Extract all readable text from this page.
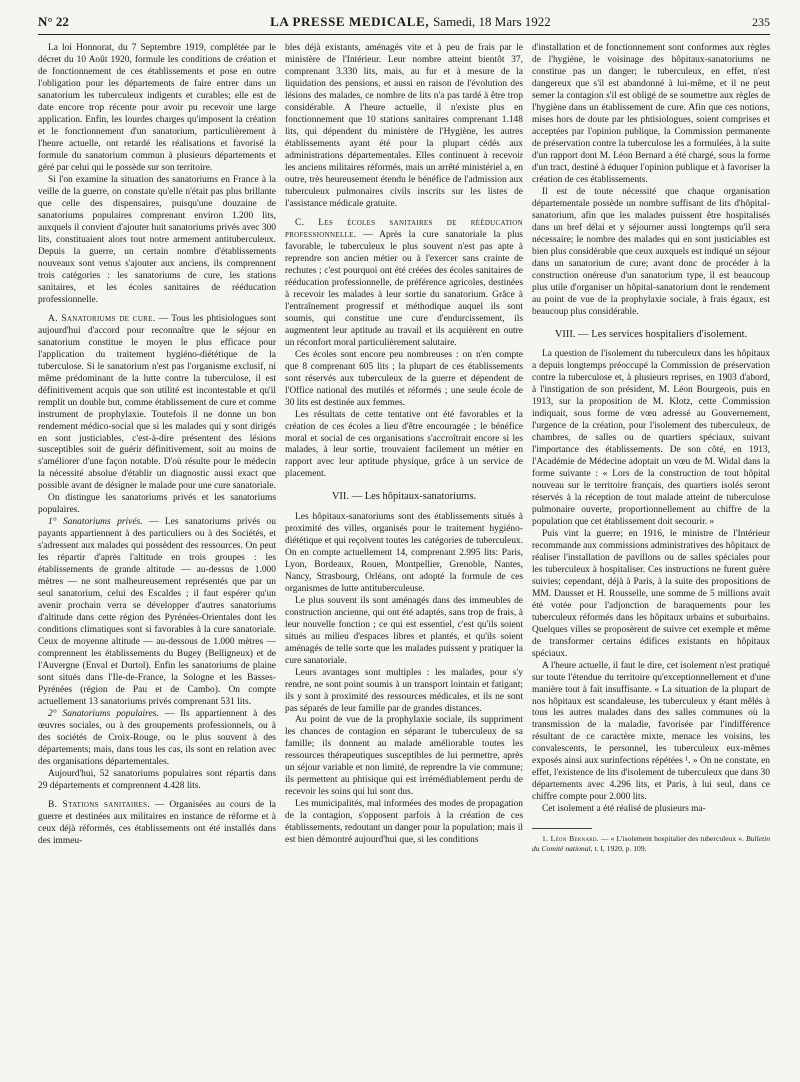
N° 22	LA PRESSE MEDICALE, Samedi, 18 Mars 1922	235

La loi Honnorat, du 7 Septembre 1919, complétée par le décret du 10 Août 1920, formule les conditions de création et de fonctionnement de ces établissements et pose en outre l'obligation pour les départements de faire entrer dans un sanatorium les tuberculeux indigents et curables; elle est de date encore trop récente pour avoir pu recevoir une large application. Enfin, les lourdes charges qu'imposent la création et le fonctionnement d'un sanatorium, particulièrement à l'heure actuelle, ont retardé les réalisations et favorisé la formule du sanatorium commun à plusieurs départements et géré par celui qui le possède sur son territoire.

Si l'on examine la situation des sanatoriums en France à la veille de la guerre, on constate qu'elle n'était pas plus brillante que celle des dispensaires, puisqu'une douzaine de sanatoriums populaires comprenant environ 1.200 lits, auxquels il convient d'ajouter huit sanatoriums privés avec 300 lits, constituaient alors tout notre armement antituberculeux. Depuis la guerre, un certain nombre d'établissements nouveaux sont venus s'ajouter aux anciens, ils comprennent trois catégories : les sanatoriums de cure, les stations sanitaires, et les écoles sanitaires de rééducation professionnelle.

A. Sanatoriums de cure. — Tous les phtisiologues sont aujourd'hui d'accord pour reconnaître que le séjour en sanatorium constitue le moyen le plus efficace pour l'application du traitement hygiéno-diététique de la tuberculose. Si le sanatorium n'est pas l'organisme exclusif, ni même prédominant de la lutte contre la tuberculose, il est définitivement acquis que son utilité est incontestable et qu'il remplit un double but, comme établissement de cure et comme instrument de prophylaxie. Toutefois il ne donne un bon rendement médico-social que si les malades qui y sont dirigés en sont justiciables, c'est-à-dire présentent des lésions susceptibles soit de guérir définitivement, soit au moins de s'améliorer d'une façon notable. D'où résulte pour le médecin la nécessité absolue d'établir un diagnostic aussi exact que possible avant de désigner le malade pour une cure sanatoriale.

On distingue les sanatoriums privés et les sanatoriums populaires.

1° Sanatoriums privés. — Les sanatoriums privés ou payants appartiennent à des particuliers ou à des Sociétés, et s'adressent aux malades qui possèdent des ressources. On peut les répartir d'après l'altitude en trois groupes : les établissements de grande altitude — au-dessus de 1.000 mètres — ne sont malheureusement représentés que par un seul sanatorium, celui des Escaldes ; il faut espérer qu'un avenir prochain verra se développer d'autres sanatoriums d'altitude dans cette région des Pyrénées-Orientales dont les conditions climatiques sont si favorables à la cure sanatoriale. Ceux de moyenne altitude — au-dessous de 1.000 mètres — comprennent les établissements du Bugey (Belligneux) et de l'Auvergne (Enval et Durtol). Enfin les sanatoriums de plaine sont situés dans l'Ile-de-France, la Sologne et les Basses-Pyrénées (région de Pau et de Cambo). On compte actuellement 13 sanatoriums privés comprenant 531 lits.

2° Sanatoriums populaires. — Ils appartiennent à des œuvres sociales, ou à des groupements professionnels, ou à des sociétés de Croix-Rouge, ou le plus souvent à des départements; mais, dans tous les cas, ils sont en relation avec des organisations départementales.

Aujourd'hui, 52 sanatoriums populaires sont répartis dans 29 départements et comprennent 4.428 lits.

B. Stations sanitaires. — Organisées au cours de la guerre et destinées aux militaires en instance de réforme et à ceux déjà réformés, ces établissements ont été installés dans des immeu-

bles déjà existants, aménagés vite et à peu de frais par le ministère de l'Intérieur. Leur nombre atteint bientôt 37, comprenant 3.330 lits, mais, au fur et à mesure de la liquidation des pensions, et aussi en raison de l'évolution des lésions des malades, ce nombre de lits n'a pas tardé à être trop considérable. A l'heure actuelle, il n'existe plus en fonctionnement que 10 stations sanitaires comprenant 1.148 lits, qui dépendent du ministère de l'Hygiène, les autres établissements ayant été pour la plupart cédés aux administrations départementales. Elles continuent à recevoir les anciens militaires réformés, mais un arrêté ministériel a, en outre, très heureusement étendu le bénéfice de l'admission aux tuberculeux pulmonaires civils inscrits sur les listes de l'assistance médicale gratuite.

C. Les écoles sanitaires de rééducation professionnelle. — Après la cure sanatoriale la plus favorable, le tuberculeux le plus souvent n'est pas apte à reprendre son ancien métier ou à l'exercer sans crainte de rechutes ; c'est pourquoi ont été créées des écoles sanitaires de rééducation professionnelle, de préférence agricoles, destinées à recevoir les malades à leur sortie du sanatorium. Grâce à l'entraînement progressif et méthodique auquel ils sont soumis, qui constitue une cure d'endurcissement, ils augmentent leur aptitude au travail et ils acquièrent en outre un réconfort moral particulièrement salutaire.

Ces écoles sont encore peu nombreuses : on n'en compte que 8 comprenant 605 lits ; la plupart de ces établissements sont réservés aux tuberculeux de la guerre et dépendent de l'Office national des mutilés et réformés ; une seule école de 30 lits est destinée aux femmes.

Les résultats de cette tentative ont été favorables et la création de ces écoles a lieu d'être encouragée ; le bénéfice moral et social de ces organisations s'accroîtrait encore si les malades, à leur sortie, trouvaient facilement un métier en rapport avec leur aptitude physique, grâce à un service de placement.

VII. — Les hôpitaux-sanatoriums.

Les hôpitaux-sanatoriums sont des établissements situés à proximité des villes, organisés pour le traitement hygiéno-diététique et qui reçoivent toutes les catégories de tuberculeux. On en compte actuellement 14, comprenant 2.995 lits: Paris, Lyon, Bordeaux, Rouen, Montpellier, Grenoble, Nantes, Nancy, Strasbourg, Orléans, ont adopté la formule de ces organismes de lutte antituberculeuse.

Le plus souvent ils sont aménagés dans des immeubles de construction ancienne, qui ont été adaptés, sans trop de frais, à leur nouvelle fonction ; ce qui est essentiel, c'est qu'ils soient situés au milieu d'espaces libres et plantés, et qu'ils soient aménagés de telle sorte que les malades puissent y pratiquer la cure sanatoriale.

Leurs avantages sont multiples : les malades, pour s'y rendre, ne sont point soumis à un transport lointain et fatigant; ils y sont à proximité des ressources médicales, et ils ne sont pas séparés de leur famille par de grandes distances.

Au point de vue de la prophylaxie sociale, ils suppriment les chances de contagion en séparant le tuberculeux de sa famille; ils donnent au malade améliorable toutes les ressources thérapeutiques susceptibles de lui permettre, après un séjour variable et non limité, de reprendre la vie commune; ils permettent au phtisique qui est irrémédiablement perdu de recevoir les soins qui lui sont dus.

Les municipalités, mal informées des modes de propagation de la contagion, s'opposent parfois à la création de ces établissements, redoutant un danger pour la population; mais il est bien démontré aujourd'hui que, si les conditions

d'installation et de fonctionnement sont conformes aux règles de l'hygiène, le voisinage des hôpitaux-sanatoriums ne constitue pas un danger; le tuberculeux, en effet, n'est dangereux que s'il est abandonné à lui-même, et il ne peut semer la contagion s'il est obligé de se soumettre aux règles de l'hygiène dans un établissement de cure. Afin que ces notions, mises hors de doute par les phtisiologues, soient comprises et acceptées par l'opinion publique, la Commission permanente de préservation contre la tuberculose les a formulées, à la suite d'un rapport dont M. Léon Bernard a été chargé, sous la forme d'un tract, destiné à éduquer l'opinion publique et à favoriser la création de ces établissements.

Il est de toute nécessité que chaque organisation départementale possède un nombre suffisant de lits d'hôpital-sanatorium, afin que les malades puissent être hospitalisés dans un bref délai et y séjourner aussi longtemps qu'il sera nécessaire; le nombre des malades qui en sont justiciables est bien plus considérable que ceux auxquels est indiqué un séjour dans un sanatorium de cure; avant donc de procéder à la construction onéreuse d'un sanatorium type, il est beaucoup plus utile d'organiser un hôpital-sanatorium dont le rendement au point de vue de la prophylaxie sociale, à frais égaux, est beaucoup plus considérable.

VIII. — Les services hospitaliers d'isolement.

La question de l'isolement du tuberculeux dans les hôpitaux a depuis longtemps préoccupé la Commission de préservation contre la tuberculose et, à plusieurs reprises, en 1903 d'abord, à l'instigation de son président, M. Léon Bourgeois, puis en 1913, sur la proposition de M. Klotz, cette Commission indiquait, sous forme de vœu adressé au Gouvernement, l'urgence de la création, pour l'isolement des tuberculeux, de chambres, de salles ou de quartiers spéciaux, suivant l'importance des établissements. De son côté, en 1913, l'Académie de Médecine adoptait un vœu de M. Widal dans la forme suivante : « Lors de la construction de tout hôpital nouveau sur le territoire français, des quartiers isolés seront réservés à la réception de tout malade atteint de tuberculose pulmonaire ouverte, proportionnellement au chiffre de la population que cet établissement doit secourir. »

Puis vint la guerre; en 1916, le ministre de l'Intérieur recommande aux commissions administratives des hôpitaux de réaliser l'installation de pavillons ou de salles spéciales pour les tuberculeux à hospitaliser. Ces instructions ne furent guère suivies; cependant, déjà à Paris, à la suite des propositions de MM. Dausset et H. Rousselle, une somme de 5 millions avait été votée pour l'adjonction de baraquements pour les tuberculeux réformés dans les hôpitaux urbains et suburbains. Quelques villes se proposèrent de suivre cet exemple et même de transformer certains édifices existants en hôpitaux spéciaux.

A l'heure actuelle, il faut le dire, cet isolement n'est pratiqué sur toute l'étendue du territoire qu'exceptionnellement et d'une manière tout à fait insuffisante. « La situation de la plupart de nos hôpitaux est scandaleuse, les tuberculeux y étant mêlés à tous les autres malades dans des salles communes où la transmission de la maladie, favorisée par l'indifférence résultant de ce caractère mixte, menace les voisins, les convalescents, le personnel, les tuberculeux eux-mêmes exposés ainsi aux surinfections répétées ¹. » On ne constate, en effet, l'existence de lits d'isolement de tuberculeux que dans 30 départements avec 4.296 lits, et Paris, à lui seul, dans ce chiffre compte pour 2.000 lits.

Cet isolement a été réalisé de plusieurs ma-

1. Léon Bernard. — « L'isolement hospitalier des tuberculeux ». Bulletin du Comité national, t. I, 1920, p. 109.
